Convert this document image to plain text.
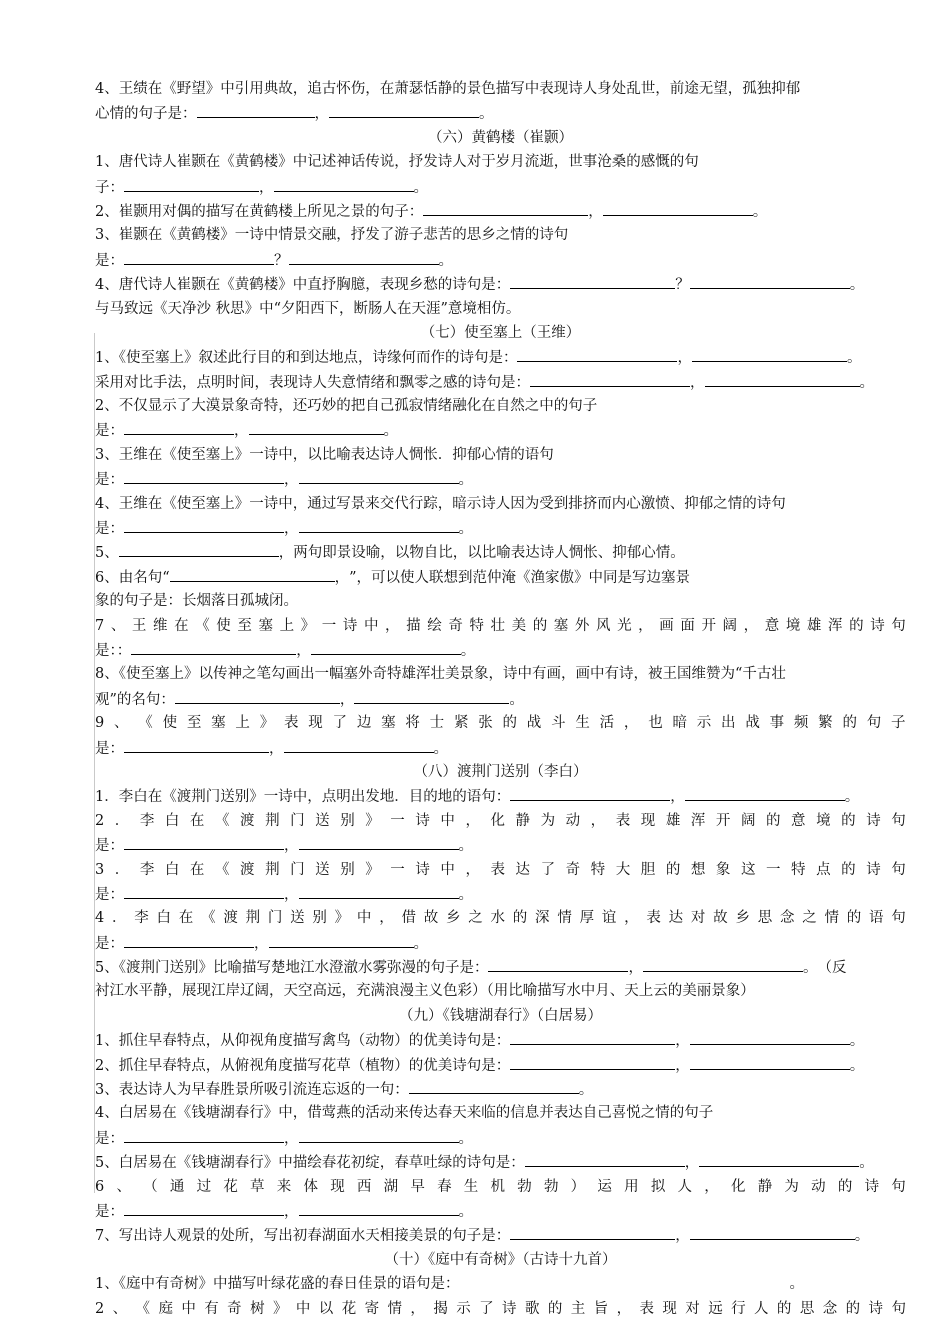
4、王绩在《野望》中引用典故，追古怀伤，在萧瑟恬静的景色描写中表现诗人身处乱世，前途无望，孤独抑郁
心情的句子是：	，	。
（六）黄鹤楼（崔颢）
1、唐代诗人崔颢在《黄鹤楼》中记述神话传说，抒发诗人对于岁月流逝，世事沧桑的感慨的句
子：	，	。
2、崔颢用对偶的描写在黄鹤楼上所见之景的句子：	，	。
3、崔颢在《黄鹤楼》一诗中情景交融，抒发了游子悲苦的思乡之情的诗句
是：	？	。
4、唐代诗人崔颢在《黄鹤楼》中直抒胸臆，表现乡愁的诗句是：	？	。
与马致远《天净沙 秋思》中“夕阳西下，断肠人在天涯”意境相仿。
（七）使至塞上（王维）
1、《使至塞上》叙述此行目的和到达地点，诗缘何而作的诗句是：	，	。
采用对比手法，点明时间，表现诗人失意情绪和飘零之感的诗句是：	，	。
2、不仅显示了大漠景象奇特，还巧妙的把自己孤寂情绪融化在自然之中的句子
是：	，	。
3、王维在《使至塞上》一诗中，以比喻表达诗人惆怅．抑郁心情的语句
是：	，	。
4、王维在《使至塞上》一诗中，通过写景来交代行踪，暗示诗人因为受到排挤而内心激愤、抑郁之情的诗句
是：	，	。
5、	， 两句即景设喻，以物自比，以比喻表达诗人惆怅、抑郁心情。
6、由名句“	， ”，可以使人联想到范仲淹《渔家傲》中同是写边塞景
象的句子是：长烟落日孤城闭。
7 、 王 维 在 《 使 至 塞 上 》 一 诗 中 ， 描 绘 奇 特 壮 美 的 塞 外 风 光 ， 画 面 开 阔 ， 意 境 雄 浑 的 诗 句
是：：	，	。
8、《使至塞上》以传神之笔勾画出一幅塞外奇特雄浑壮美景象，诗中有画，画中有诗，被王国维赞为“千古壮
观”的名句：	，	。
9 、 《 使 至 塞 上 》 表 现 了 边 塞 将 士 紧 张 的 战 斗 生 活 ， 也 暗 示 出 战 事 频 繁 的 句 子
是：	，	。
（八）渡荆门送别（李白）
1．李白在《渡荆门送别》一诗中，点明出发地．目的地的语句：	，	。
2 ． 李 白 在 《 渡 荆 门 送 别 》 一 诗 中 ， 化 静 为 动 ， 表 现 雄 浑 开 阔 的 意 境 的 诗 句
是：	，	。
3 ． 李 白 在 《 渡 荆 门 送 别 》 一 诗 中 ， 表 达 了 奇 特 大 胆 的 想 象 这 一 特 点 的 诗 句
是：	，	。
4 ． 李 白 在 《 渡 荆 门 送 别 》 中 ， 借 故 乡 之 水 的 深 情 厚 谊 ， 表 达 对 故 乡 思 念 之 情 的 语 句
是：	，	。
5、《渡荆门送别》比喻描写楚地江水澄澈水雾弥漫的句子是：	，	。 （反
衬江水平静，展现江岸辽阔，天空高远，充满浪漫主义色彩）（用比喻描写水中月、天上云的美丽景象）
（九）《钱塘湖春行》（白居易）
1、抓住早春特点，从仰视角度描写禽鸟（动物）的优美诗句是：	，	。
2、抓住早春特点，从俯视角度描写花草（植物）的优美诗句是：	，	。
3、表达诗人为早春胜景所吸引流连忘返的一句：	。
4、白居易在《钱塘湖春行》中，借莺燕的活动来传达春天来临的信息并表达自己喜悦之情的句子
是：	，	。
5、白居易在《钱塘湖春行》中描绘春花初绽，春草吐绿的诗句是：	，	。
6 、 （ 通 过 花 草 来 体 现 西 湖 早 春 生 机 勃 勃 ） 运 用 拟 人 ， 化 静 为 动 的 诗 句
是：	，	。
7、写出诗人观景的处所，写出初春湖面水天相接美景的句子是：	，	。
（十）《庭中有奇树》（古诗十九首）
1、《庭中有奇树》中描写叶绿花盛的春日佳景的语句是：	。
2 、 《 庭 中 有 奇 树 》 中 以 花 寄 情 ， 揭 示 了 诗 歌 的 主 旨 ， 表 现 对 远 行 人 的 思 念 的 诗 句
